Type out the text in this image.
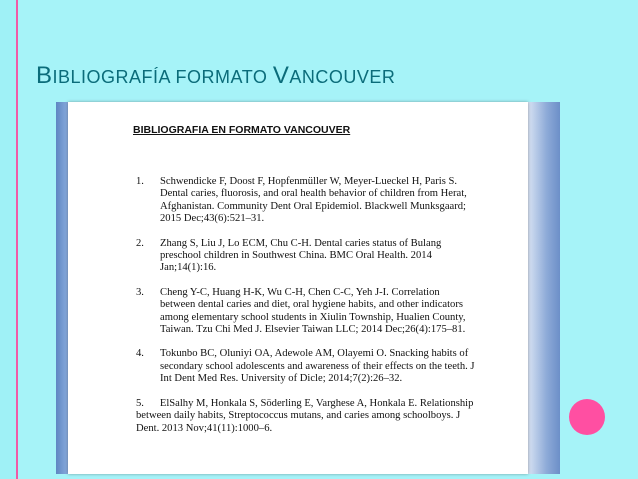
BIBLIOGRAFÍA FORMATO VANCOUVER
BIBLIOGRAFIA EN FORMATO VANCOUVER
1. Schwendicke F, Doost F, Hopfenmüller W, Meyer-Lueckel H, Paris S. Dental caries, fluorosis, and oral health behavior of children from Herat, Afghanistan. Community Dent Oral Epidemiol. Blackwell Munksgaard; 2015 Dec;43(6):521–31.
2. Zhang S, Liu J, Lo ECM, Chu C-H. Dental caries status of Bulang preschool children in Southwest China. BMC Oral Health. 2014 Jan;14(1):16.
3. Cheng Y-C, Huang H-K, Wu C-H, Chen C-C, Yeh J-I. Correlation between dental caries and diet, oral hygiene habits, and other indicators among elementary school students in Xiulin Township, Hualien County, Taiwan. Tzu Chi Med J. Elsevier Taiwan LLC; 2014 Dec;26(4):175–81.
4. Tokunbo BC, Oluniyi OA, Adewole AM, Olayemi O. Snacking habits of secondary school adolescents and awareness of their effects on the teeth. J Int Dent Med Res. University of Dicle; 2014;7(2):26–32.
5. ElSalhy M, Honkala S, Söderling E, Varghese A, Honkala E. Relationship between daily habits, Streptococcus mutans, and caries among schoolboys. J Dent. 2013 Nov;41(11):1000–6.
